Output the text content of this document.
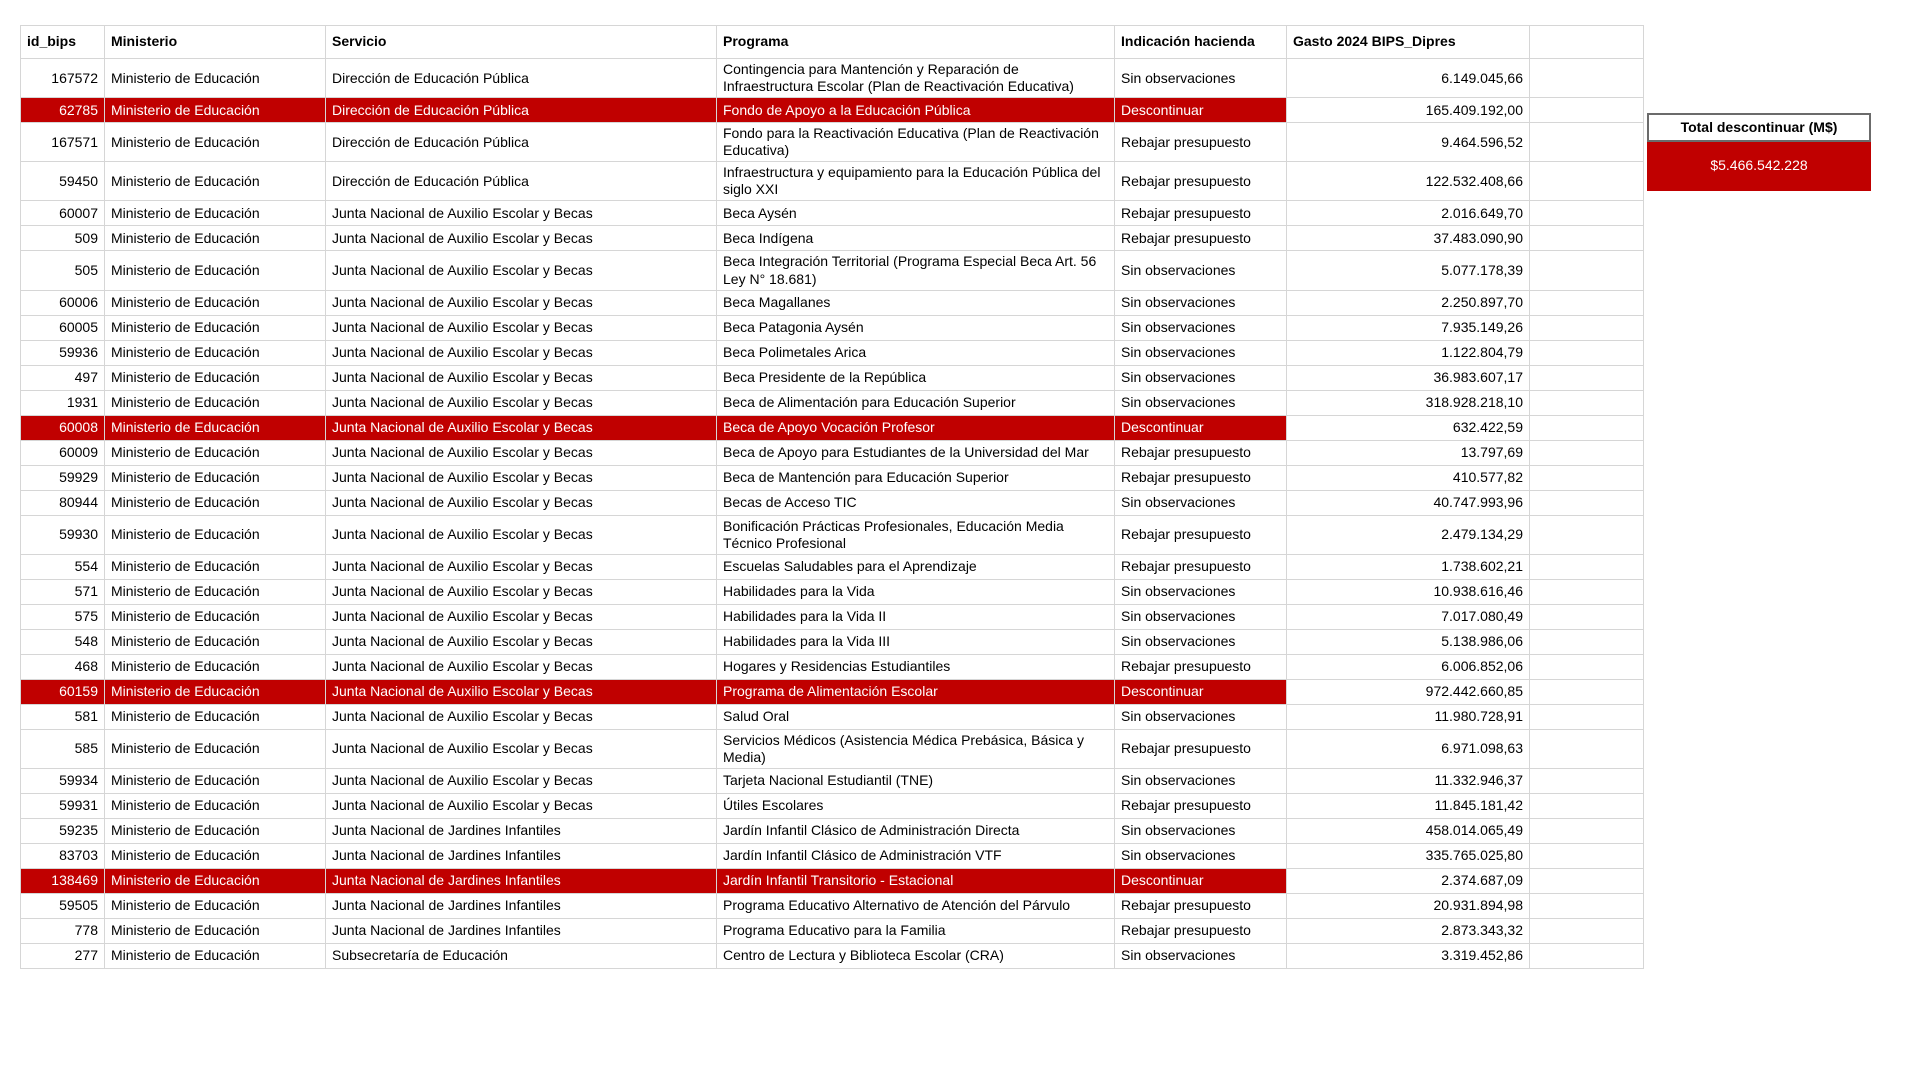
id_bips	Ministerio	Servicio	Programa	Indicación hacienda	Gasto 2024 BIPS_Dipres	
167572	Ministerio de Educación	Dirección de Educación Pública	Contingencia para Mantención y Reparación de Infraestructura Escolar (Plan de Reactivación Educativa)	Sin observaciones	6.149.045,66	
62785	Ministerio de Educación	Dirección de Educación Pública	Fondo de Apoyo a la Educación Pública	Descontinuar	165.409.192,00	
167571	Ministerio de Educación	Dirección de Educación Pública	Fondo para la Reactivación Educativa (Plan de Reactivación Educativa)	Rebajar presupuesto	9.464.596,52	
59450	Ministerio de Educación	Dirección de Educación Pública	Infraestructura y equipamiento para la Educación Pública del siglo XXI	Rebajar presupuesto	122.532.408,66	
60007	Ministerio de Educación	Junta Nacional de Auxilio Escolar y Becas	Beca Aysén	Rebajar presupuesto	2.016.649,70	
509	Ministerio de Educación	Junta Nacional de Auxilio Escolar y Becas	Beca Indígena	Rebajar presupuesto	37.483.090,90	
505	Ministerio de Educación	Junta Nacional de Auxilio Escolar y Becas	Beca Integración Territorial (Programa Especial Beca Art. 56 Ley N° 18.681)	Sin observaciones	5.077.178,39	
60006	Ministerio de Educación	Junta Nacional de Auxilio Escolar y Becas	Beca Magallanes	Sin observaciones	2.250.897,70	
60005	Ministerio de Educación	Junta Nacional de Auxilio Escolar y Becas	Beca Patagonia Aysén	Sin observaciones	7.935.149,26	
59936	Ministerio de Educación	Junta Nacional de Auxilio Escolar y Becas	Beca Polimetales Arica	Sin observaciones	1.122.804,79	
497	Ministerio de Educación	Junta Nacional de Auxilio Escolar y Becas	Beca Presidente de la República	Sin observaciones	36.983.607,17	
1931	Ministerio de Educación	Junta Nacional de Auxilio Escolar y Becas	Beca de Alimentación para Educación Superior	Sin observaciones	318.928.218,10	
60008	Ministerio de Educación	Junta Nacional de Auxilio Escolar y Becas	Beca de Apoyo Vocación Profesor	Descontinuar	632.422,59	
60009	Ministerio de Educación	Junta Nacional de Auxilio Escolar y Becas	Beca de Apoyo para Estudiantes de la Universidad del Mar	Rebajar presupuesto	13.797,69	
59929	Ministerio de Educación	Junta Nacional de Auxilio Escolar y Becas	Beca de Mantención para Educación Superior	Rebajar presupuesto	410.577,82	
80944	Ministerio de Educación	Junta Nacional de Auxilio Escolar y Becas	Becas de Acceso TIC	Sin observaciones	40.747.993,96	
59930	Ministerio de Educación	Junta Nacional de Auxilio Escolar y Becas	Bonificación Prácticas Profesionales, Educación Media Técnico Profesional	Rebajar presupuesto	2.479.134,29	
554	Ministerio de Educación	Junta Nacional de Auxilio Escolar y Becas	Escuelas Saludables para el Aprendizaje	Rebajar presupuesto	1.738.602,21	
571	Ministerio de Educación	Junta Nacional de Auxilio Escolar y Becas	Habilidades para la Vida	Sin observaciones	10.938.616,46	
575	Ministerio de Educación	Junta Nacional de Auxilio Escolar y Becas	Habilidades para la Vida II	Sin observaciones	7.017.080,49	
548	Ministerio de Educación	Junta Nacional de Auxilio Escolar y Becas	Habilidades para la Vida III	Sin observaciones	5.138.986,06	
468	Ministerio de Educación	Junta Nacional de Auxilio Escolar y Becas	Hogares y Residencias Estudiantiles	Rebajar presupuesto	6.006.852,06	
60159	Ministerio de Educación	Junta Nacional de Auxilio Escolar y Becas	Programa de Alimentación Escolar	Descontinuar	972.442.660,85	
581	Ministerio de Educación	Junta Nacional de Auxilio Escolar y Becas	Salud Oral	Sin observaciones	11.980.728,91	
585	Ministerio de Educación	Junta Nacional de Auxilio Escolar y Becas	Servicios Médicos (Asistencia Médica Prebásica, Básica y Media)	Rebajar presupuesto	6.971.098,63	
59934	Ministerio de Educación	Junta Nacional de Auxilio Escolar y Becas	Tarjeta Nacional Estudiantil (TNE)	Sin observaciones	11.332.946,37	
59931	Ministerio de Educación	Junta Nacional de Auxilio Escolar y Becas	Útiles Escolares	Rebajar presupuesto	11.845.181,42	
59235	Ministerio de Educación	Junta Nacional de Jardines Infantiles	Jardín Infantil Clásico de Administración Directa	Sin observaciones	458.014.065,49	
83703	Ministerio de Educación	Junta Nacional de Jardines Infantiles	Jardín Infantil Clásico de Administración VTF	Sin observaciones	335.765.025,80	
138469	Ministerio de Educación	Junta Nacional de Jardines Infantiles	Jardín Infantil Transitorio - Estacional	Descontinuar	2.374.687,09	
59505	Ministerio de Educación	Junta Nacional de Jardines Infantiles	Programa Educativo Alternativo de Atención del Párvulo	Rebajar presupuesto	20.931.894,98	
778	Ministerio de Educación	Junta Nacional de Jardines Infantiles	Programa Educativo para la Familia	Rebajar presupuesto	2.873.343,32	
277	Ministerio de Educación	Subsecretaría de Educación	Centro de Lectura y Biblioteca Escolar (CRA)	Sin observaciones	3.319.452,86	
Total descontinuar (M$)
$5.466.542.228
